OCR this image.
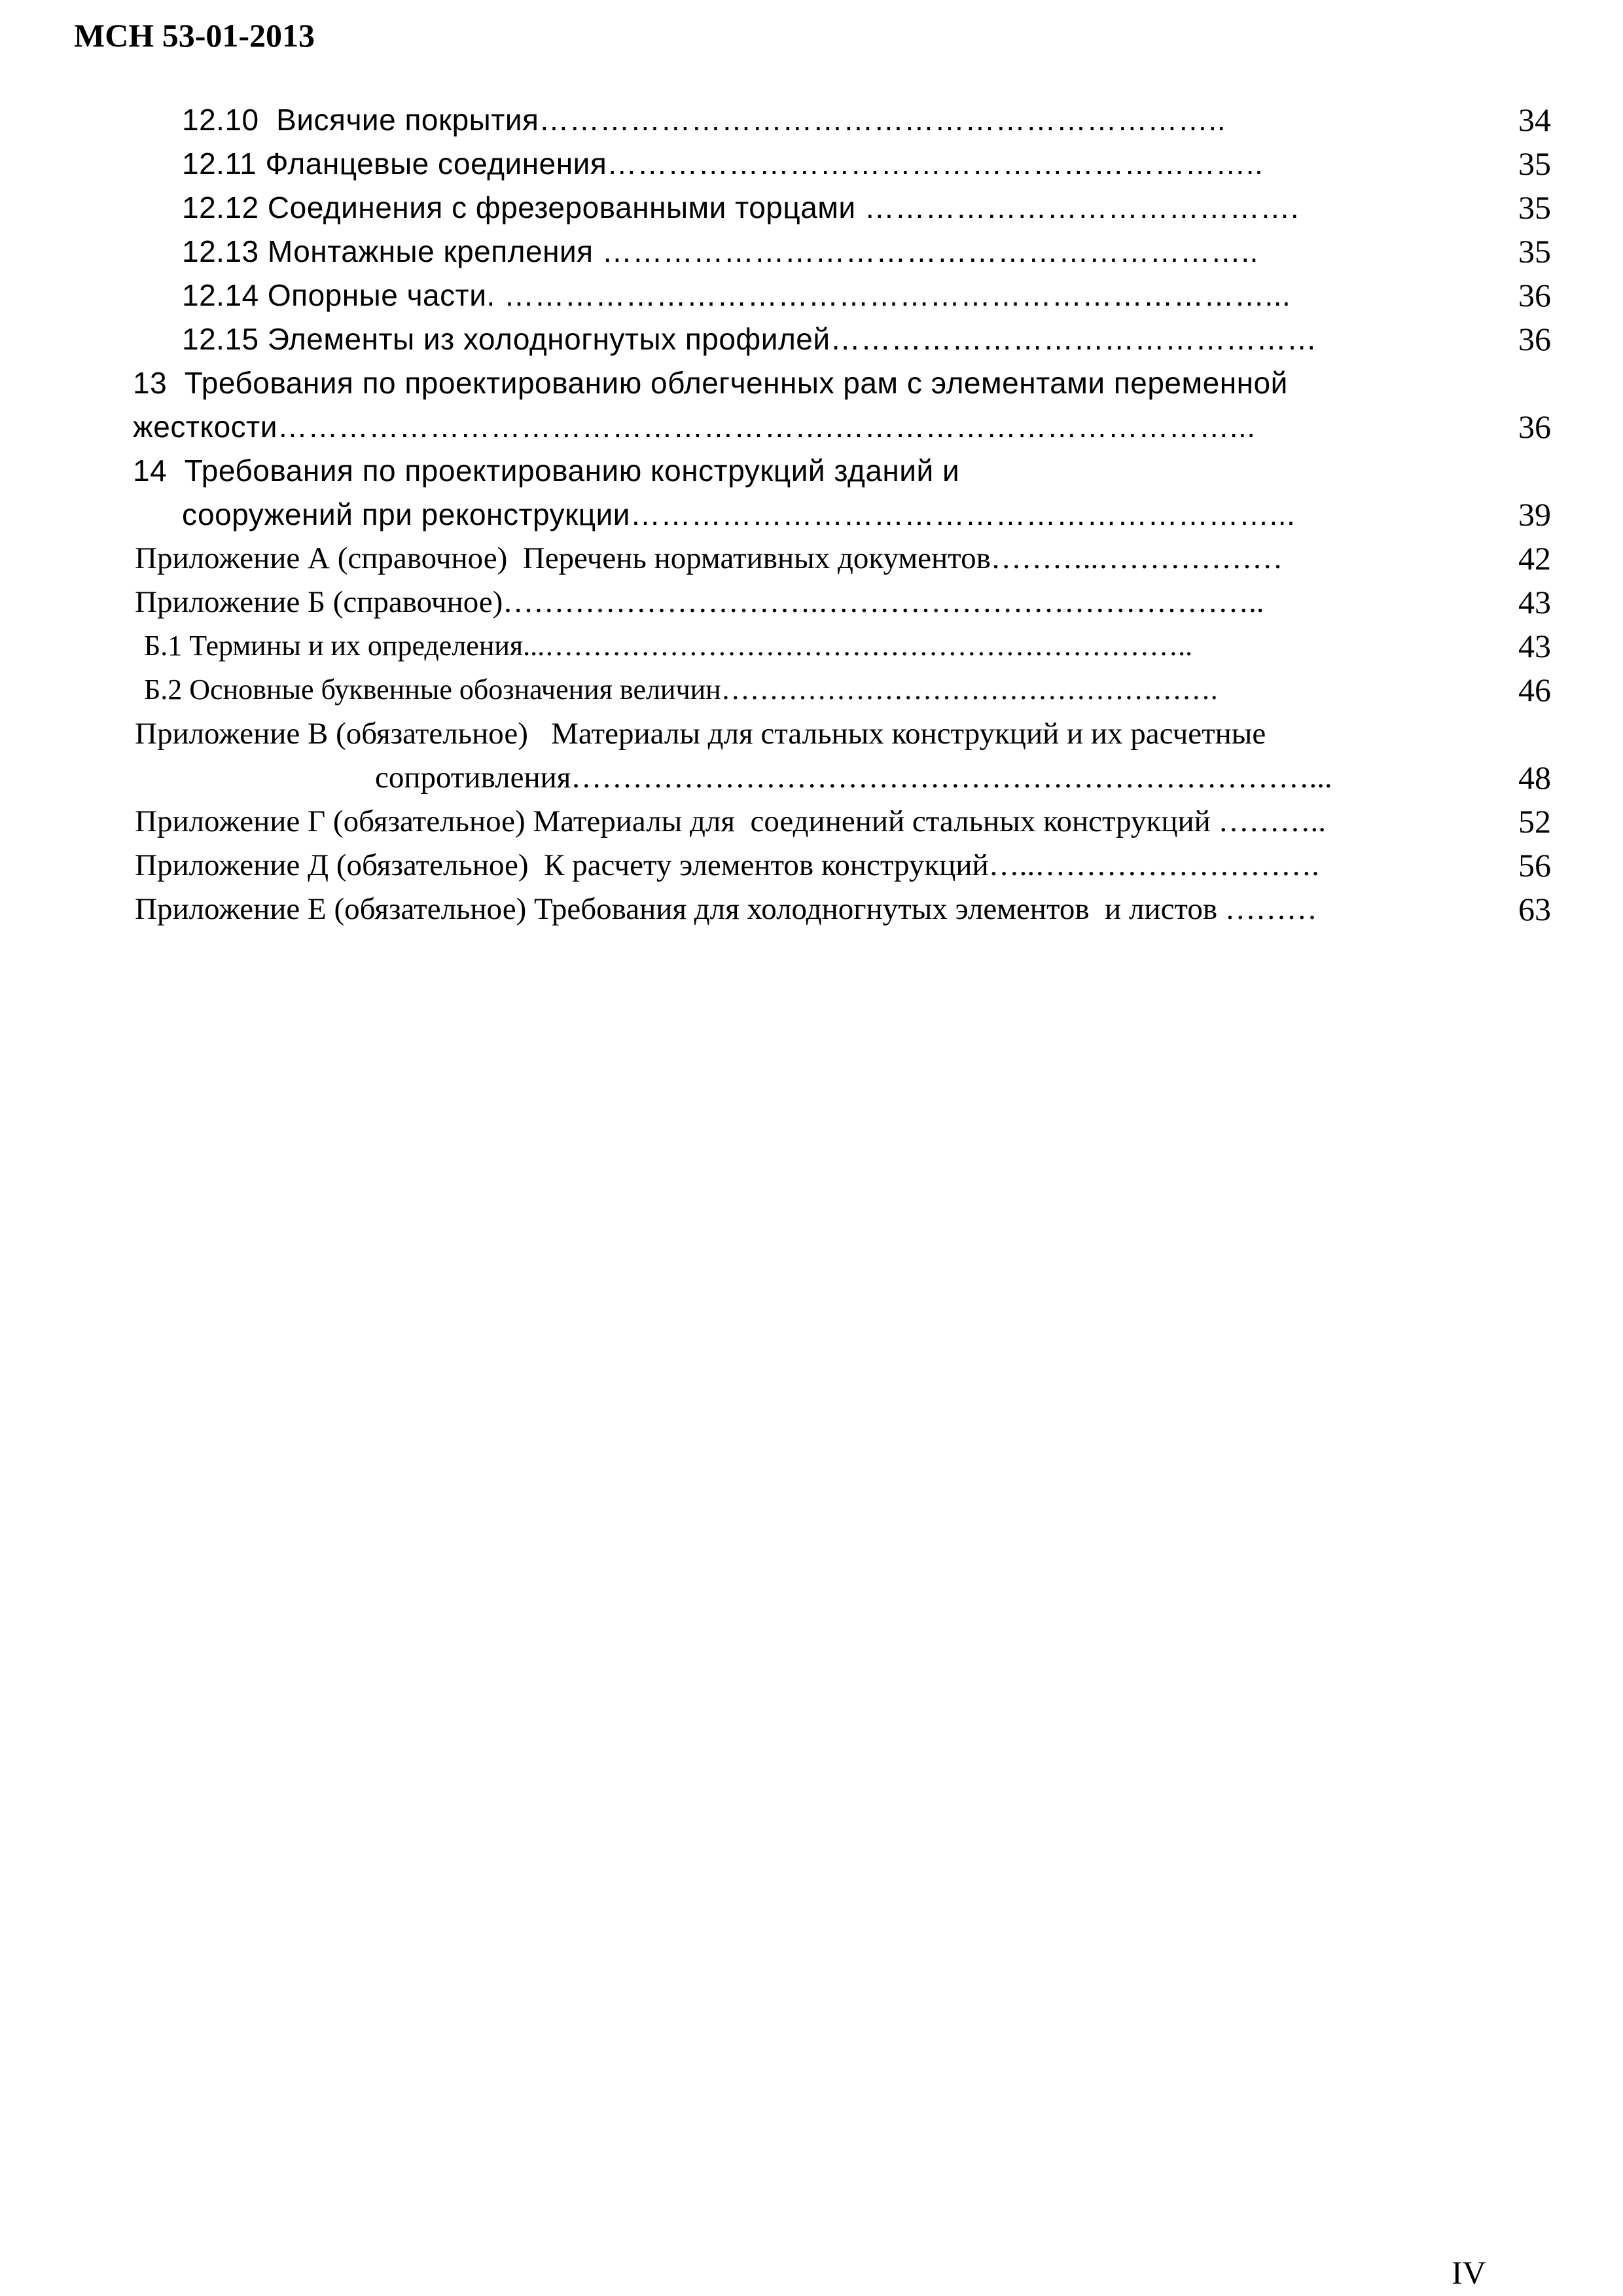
МСН 53-01-2013
12.10  Висячие покрытия…………………………………………………………..	34
12.11 Фланцевые соединения………………………………………………………..	35
12.12 Соединения с фрезерованными торцами …………………………………….	35
12.13 Монтажные крепления ………………………………………………………..	35
12.14 Опорные части. …………………………………………………………………...	36
12.15 Элементы из холодногнутых профилей…………………………………………	36
13  Требования по проектированию облегченных рам с элементами переменной
жесткости……………………………………………….…………………………………...	36
14  Требования по проектированию конструкций зданий и
сооружений при реконструкции………………………………………………………...	39
Приложение А (справочное)  Перечень нормативных документов………..………………	42
Приложение Б (справочное)………………………….……………………………………..	43
Б.1 Термины и их определения...…………………………………………………………..	43
Б.2 Основные буквенные обозначения величин…………………………………………….	46
Приложение В (обязательное)   Материалы для стальных конструкций и их расчетные
сопротивления………………………………………………………………...	48
Приложение Г (обязательное) Материалы для  соединений стальных конструкций ………..	52
Приложение Д (обязательное)  К расчету элементов конструкций…..……………………….	56
Приложение Е (обязательное) Требования для холодногнутых элементов  и листов ………	63
IV
